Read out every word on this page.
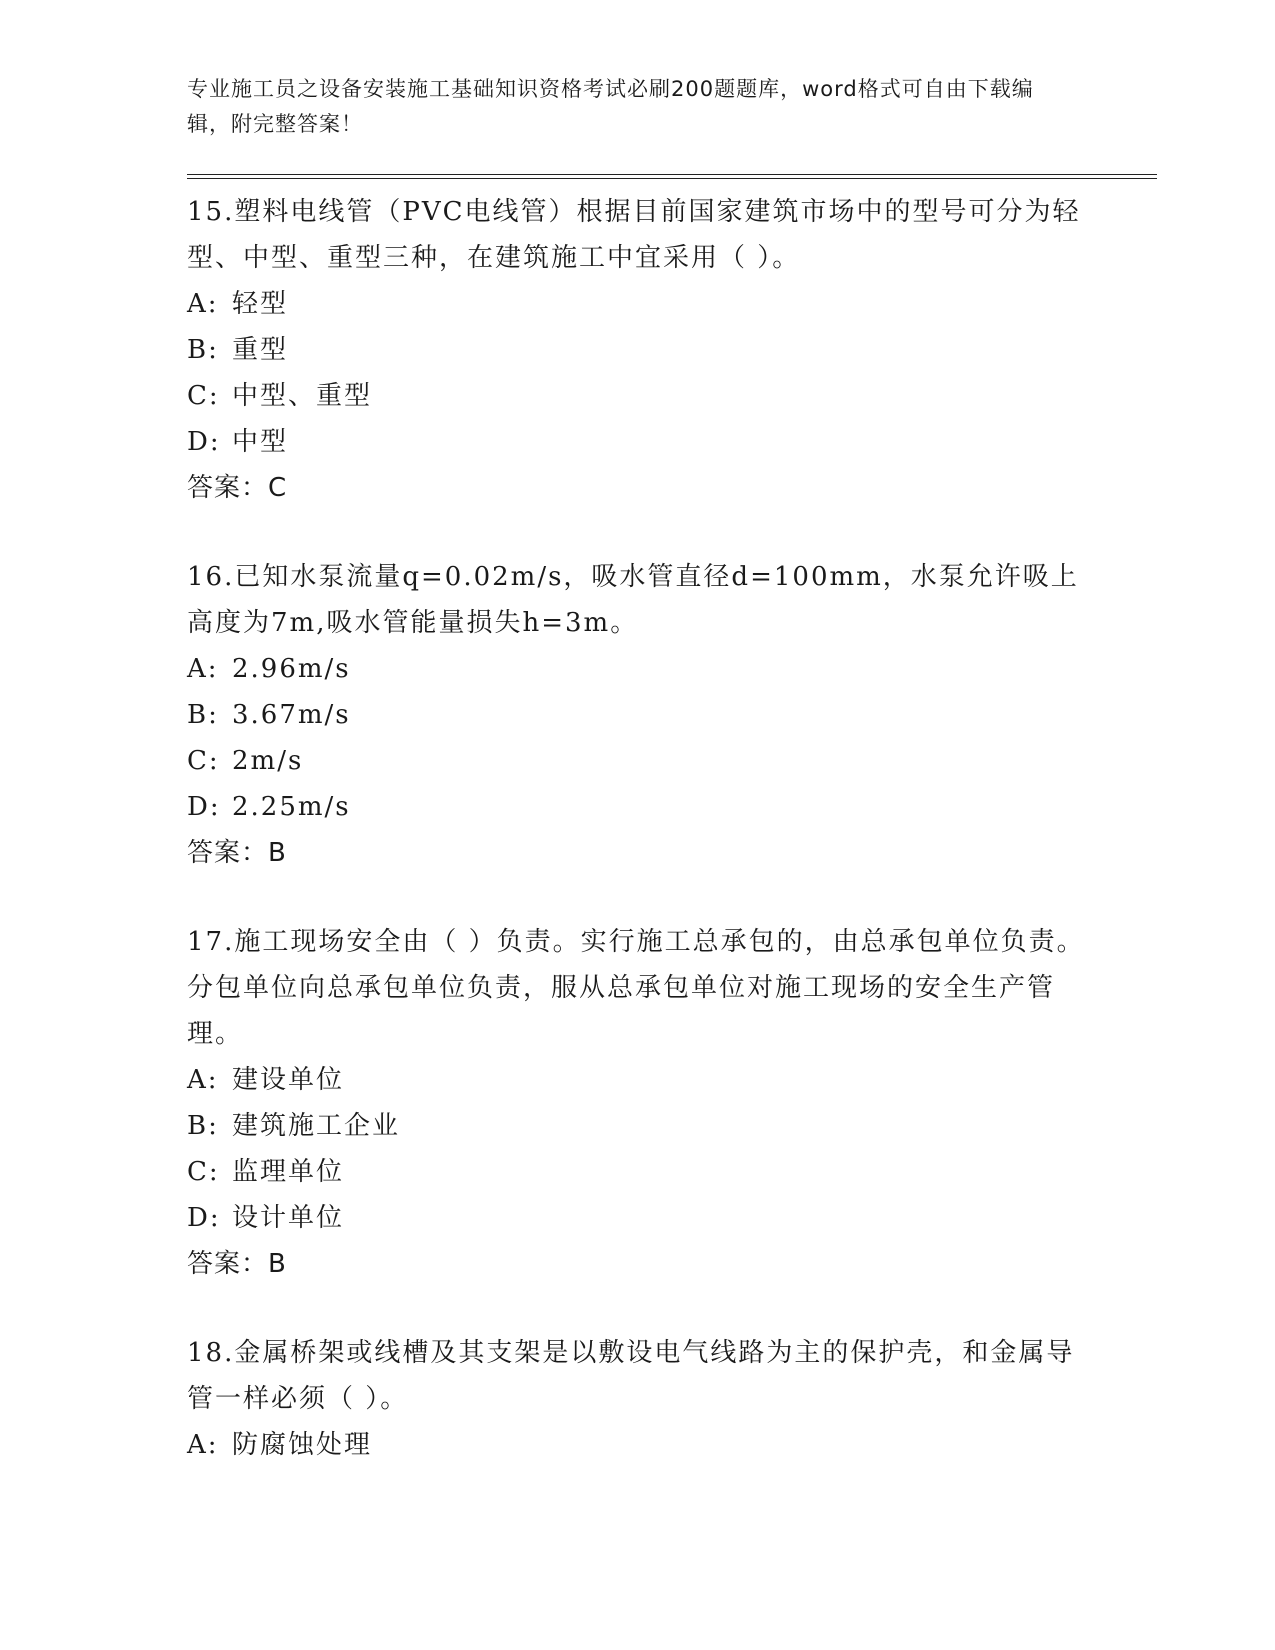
专业施工员之设备安装施工基础知识资格考试必刷200题题库，word格式可自由下载编辑，附完整答案！
15.塑料电线管（PVC电线管）根据目前国家建筑市场中的型号可分为轻型、中型、重型三种，在建筑施工中宜采用（ ）。
A: 轻型
B: 重型
C: 中型、重型
D: 中型
答案：C
16.已知水泵流量q=0.02m/s，吸水管直径d=100mm，水泵允许吸上高度为7m,吸水管能量损失h=3m。
A: 2.96m/s
B: 3.67m/s
C: 2m/s
D: 2.25m/s
答案：B
17.施工现场安全由（ ）负责。实行施工总承包的，由总承包单位负责。分包单位向总承包单位负责，服从总承包单位对施工现场的安全生产管理。
A: 建设单位
B: 建筑施工企业
C: 监理单位
D: 设计单位
答案：B
18.金属桥架或线槽及其支架是以敷设电气线路为主的保护壳，和金属导管一样必须（ ）。
A: 防腐蚀处理
